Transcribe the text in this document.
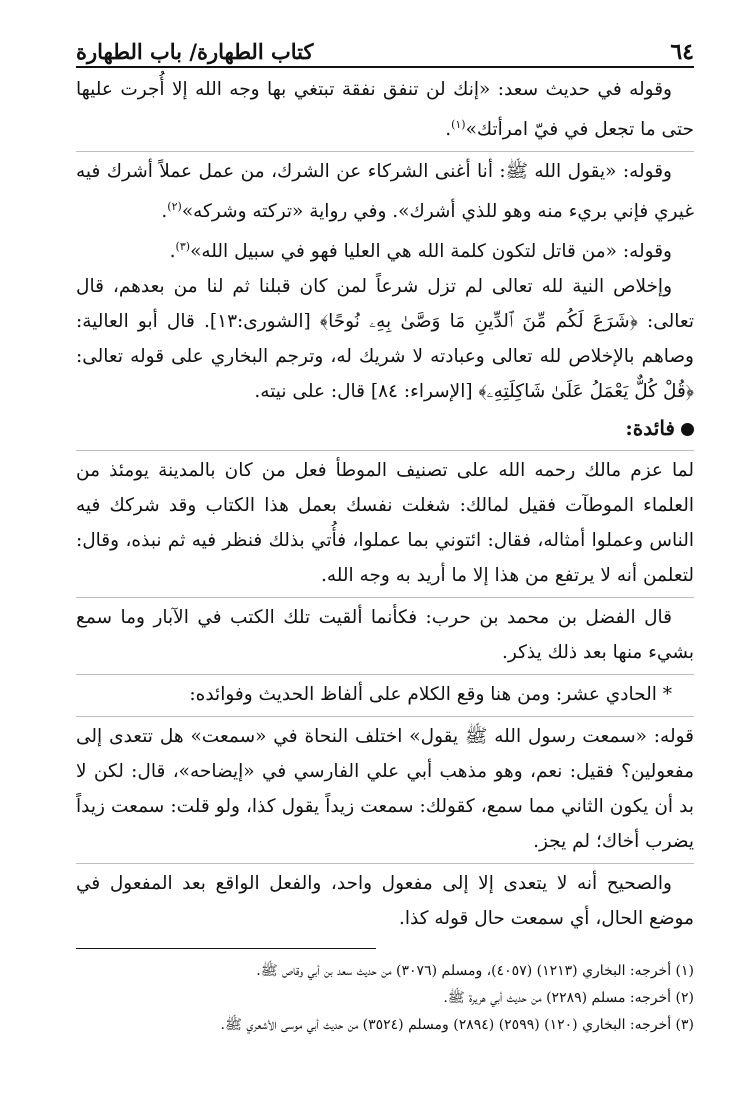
٦٤
كتاب الطهارة/ باب الطهارة

وقوله في حديث سعد: «إنك لن تنفق نفقة تبتغي بها وجه الله إلا أُجرت عليها حتى ما تجعل في فيّ امرأتك»$^{(١)}$.

وقوله: «يقول الله ﷺ: أنا أغنى الشركاء عن الشرك، من عمل عملاً أشرك فيه غيري فإني بريء منه وهو للذي أشرك». وفي رواية «تركته وشركه»$^{(٢)}$.

وقوله: «من قاتل لتكون كلمة الله هي العليا فهو في سبيل الله»$^{(٣)}$.

وإخلاص النية لله تعالى لم تزل شرعاً لمن كان قبلنا ثم لنا من بعدهم، قال تعالى: ﴿شَرَعَ لَكُم مِّنَ ٱلدِّينِ مَا وَصَّىٰ بِهِۦ نُوحًا﴾ [الشورى:١٣]. قال أبو العالية: وصاهم بالإخلاص لله تعالى وعبادته لا شريك له، وترجم البخاري على قوله تعالى: ﴿قُلْ كُلٌّ يَعْمَلُ عَلَىٰ شَاكِلَتِهِۦ﴾ [الإسراء: ٨٤] قال: على نيته.

فائدة:

لما عزم مالك رحمه الله على تصنيف الموطأ فعل من كان بالمدينة يومئذ من العلماء الموطآت فقيل لمالك: شغلت نفسك بعمل هذا الكتاب وقد شركك فيه الناس وعملوا أمثاله، فقال: ائتوني بما عملوا، فأُتي بذلك فنظر فيه ثم نبذه، وقال: لتعلمن أنه لا يرتفع من هذا إلا ما أريد به وجه الله.

قال الفضل بن محمد بن حرب: فكأنما ألقيت تلك الكتب في الآبار وما سمع بشيء منها بعد ذلك يذكر.

* الحادي عشر: ومن هنا وقع الكلام على ألفاظ الحديث وفوائده:

قوله: «سمعت رسول الله ﷺ يقول» اختلف النحاة في «سمعت» هل تتعدى إلى مفعولين؟ فقيل: نعم، وهو مذهب أبي علي الفارسي في «إيضاحه»، قال: لكن لا بد أن يكون الثاني مما سمع، كقولك: سمعت زيداً يقول كذا، ولو قلت: سمعت زيداً يضرب أخاك؛ لم يجز.

والصحيح أنه لا يتعدى إلا إلى مفعول واحد، والفعل الواقع بعد المفعول في موضع الحال، أي سمعت حال قوله كذا.

(١) أخرجه: البخاري (١٢١٣) (٤٠٥٧)، ومسلم (٣٠٧٦) من حديث سعد بن أبي وقاص ﷺ.

(٢) أخرجه: مسلم (٢٢٨٩) من حديث أبي هريرة ﷺ.

(٣) أخرجه: البخاري (١٢٠) (٢٥٩٩) (٢٨٩٤) ومسلم (٣٥٢٤) من حديث أبي موسى الأشعري ﷺ.
